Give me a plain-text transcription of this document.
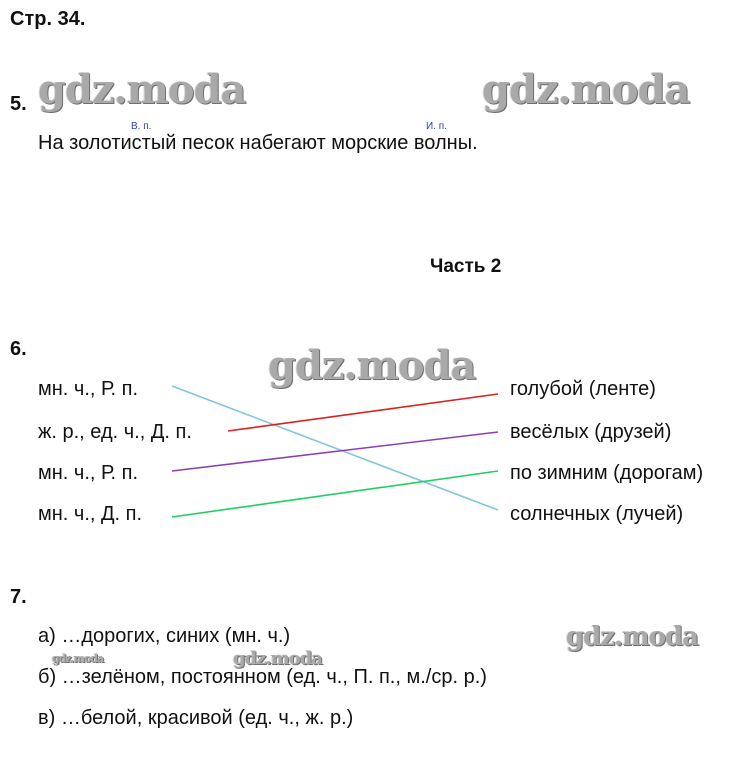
Стр. 34.
gdz.moda	gdz.moda
gdz.moda
gdz.moda
gdz.moda
gdz.moda
5.
В. п.	И. п.
На золотистый песок набегают морские волны.
Часть 2
6.
мн. ч., Р. п.
ж. р., ед. ч., Д. п.
мн. ч., Р. п.
мн. ч., Д. п.
голубой (ленте)
весёлых (друзей)
по зимним (дорогам)
солнечных (лучей)
7.
а) …дорогих, синих (мн. ч.)
б) …зелёном, постоянном (ед. ч., П. п., м./ср. р.)
в) …белой, красивой (ед. ч., ж. р.)
